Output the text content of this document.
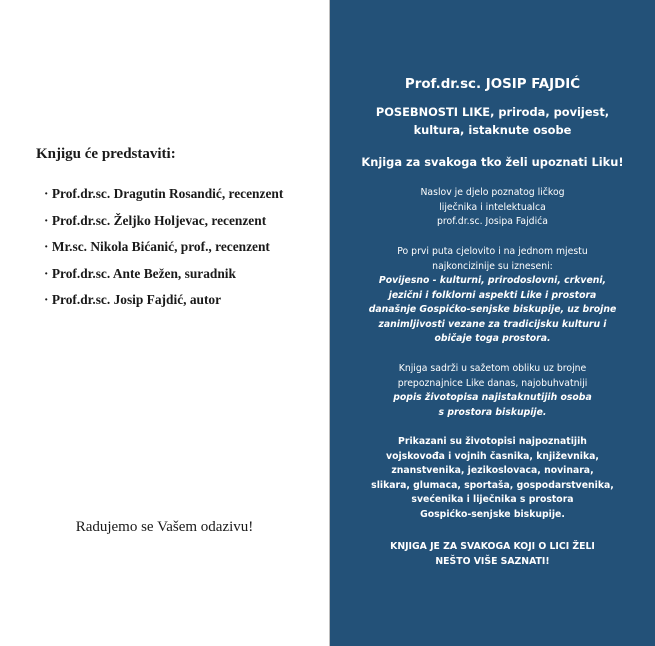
Knjigu će predstaviti:

· Prof.dr.sc. Dragutin Rosandić, recenzent
· Prof.dr.sc. Željko Holjevac, recenzent
· Mr.sc. Nikola Bićanić, prof., recenzent
· Prof.dr.sc. Ante Bežen, suradnik
· Prof.dr.sc. Josip Fajdić, autor

Radujemo se Vašem odazivu!

Prof.dr.sc. JOSIP FAJDIĆ

POSEBNOSTI LIKE, priroda, povijest,
kultura, istaknute osobe

Knjiga za svakoga tko želi upoznati Liku!

Naslov je djelo poznatog ličkog
liječnika i intelektualca
prof.dr.sc. Josipa Fajdića

Po prvi puta cjelovito i na jednom mjestu
najkoncizinije su izneseni:
Povijesno - kulturni, prirodoslovni, crkveni,
jezični i folklorni aspekti Like i prostora
današnje Gospićko-senjske biskupije, uz brojne
zanimljivosti vezane za tradicijsku kulturu i
običaje toga prostora.

Knjiga sadrži u sažetom obliku uz brojne
prepoznajnice Like danas, najobuhvatniji
popis životopisa najistaknutijih osoba
s prostora biskupije.

Prikazani su životopisi najpoznatijih
vojskovođa i vojnih časnika, književnika,
znanstvenika, jezikoslovaca, novinara,
slikara, glumaca, sportaša, gospodarstvenika,
svećenika i liječnika s prostora
Gospićko-senjske biskupije.

KNJIGA JE ZA SVAKOGA KOJI O LICI ŽELI
NEŠTO VIŠE SAZNATI!
